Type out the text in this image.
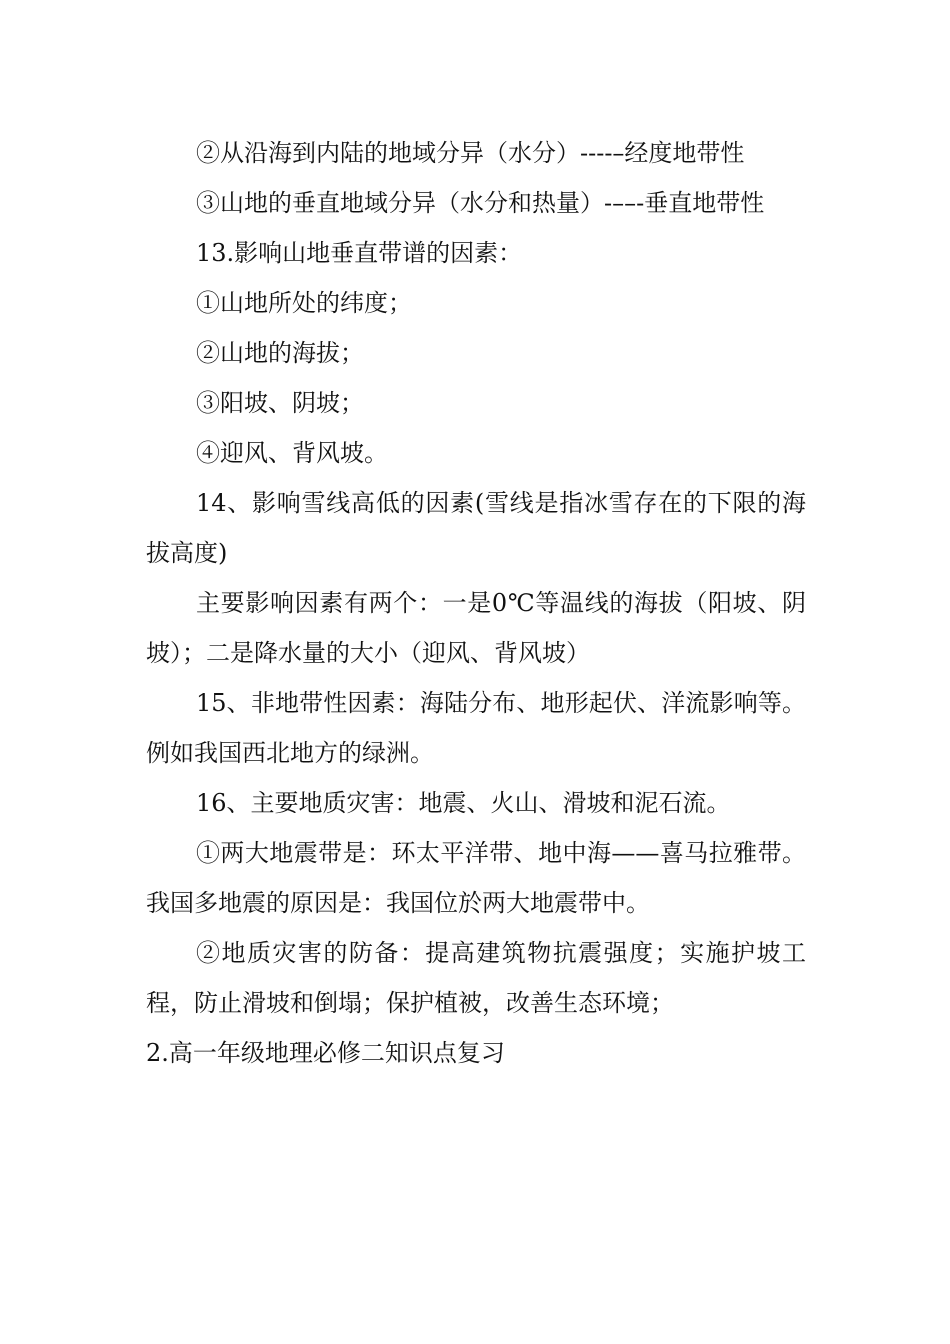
②从沿海到内陆的地域分异（水分）----–经度地带性

③山地的垂直地域分异（水分和热量）-––-垂直地带性

13.影响山地垂直带谱的因素：

①山地所处的纬度；

②山地的海拔；

③阳坡、阴坡；

④迎风、背风坡。

14、影响雪线高低的因素(雪线是指冰雪存在的下限的海拔高度)

主要影响因素有两个：一是0℃等温线的海拔（阳坡、阴坡）；二是降水量的大小（迎风、背风坡）

15、非地带性因素：海陆分布、地形起伏、洋流影响等。例如我国西北地方的绿洲。

16、主要地质灾害：地震、火山、滑坡和泥石流。

①两大地震带是：环太平洋带、地中海——喜马拉雅带。我国多地震的原因是：我国位於两大地震带中。

②地质灾害的防备：提高建筑物抗震强度；实施护坡工程，防止滑坡和倒塌；保护植被，改善生态环境；

2.高一年级地理必修二知识点复习
